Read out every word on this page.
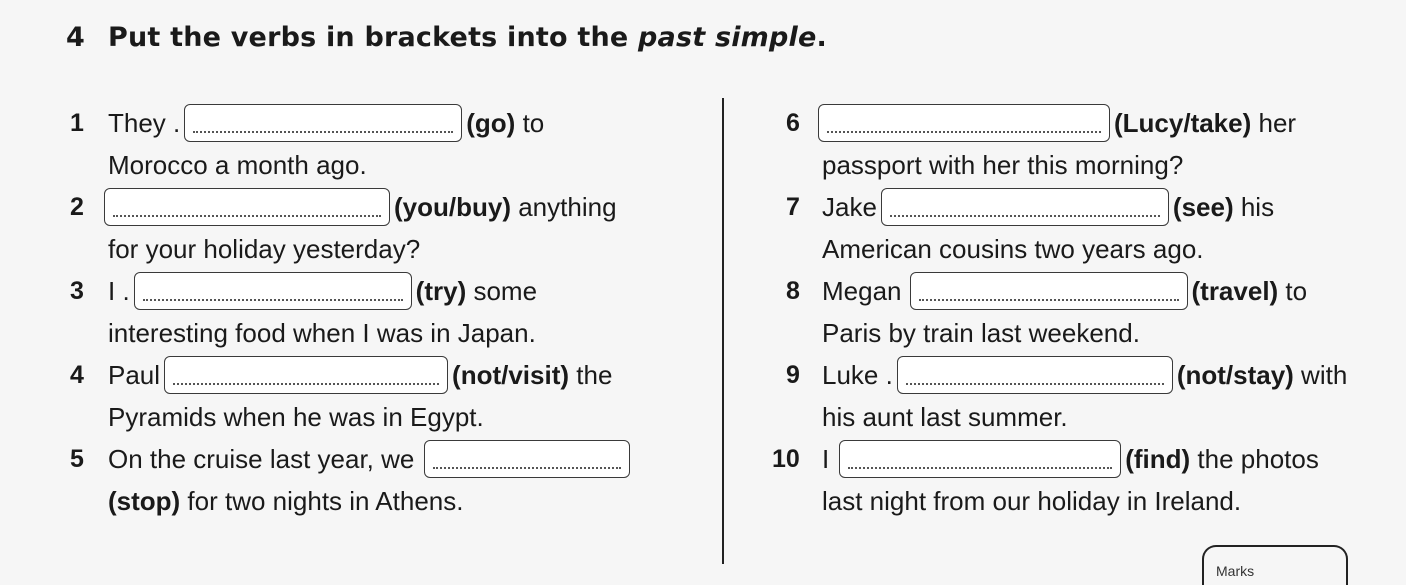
4 Put the verbs in brackets into the past simple.
1 They .	(go) to
Morocco a month ago.
2	(you/buy) anything
for your holiday yesterday?
3 I .	(try) some
interesting food when I was in Japan.
4 Paul	(not/visit) the
Pyramids when he was in Egypt.
5 On the cruise last year, we
(stop) for two nights in Athens.
6	(Lucy/take) her
passport with her this morning?
7 Jake	(see) his
American cousins two years ago.
8 Megan	(travel) to
Paris by train last weekend.
9 Luke .	(not/stay) with
his aunt last summer.
10 I	(find) the photos
last night from our holiday in Ireland.
Marks
